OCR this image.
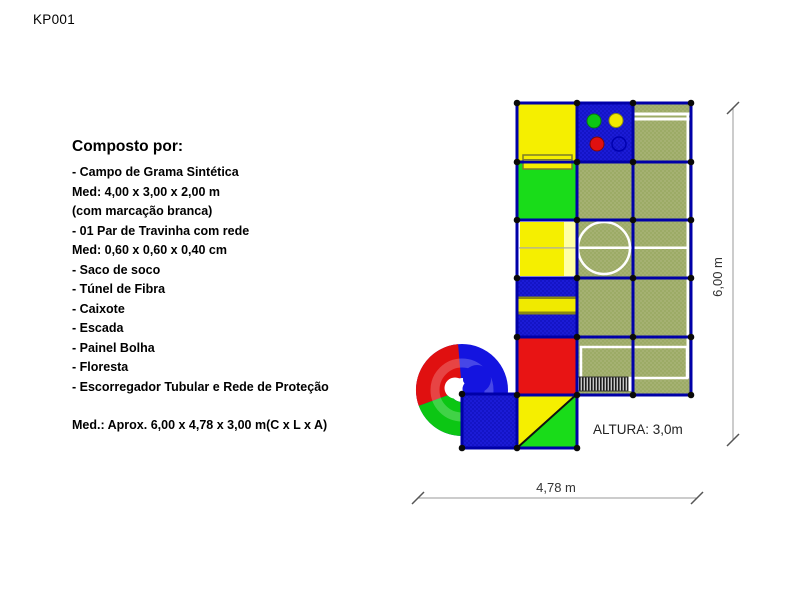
KP001
Composto por:
- Campo de Grama Sintética
Med: 4,00 x 3,00 x 2,00 m
(com marcação branca)
- 01 Par de Travinha com rede
Med: 0,60 x 0,60 x 0,40 cm
- Saco de soco
- Túnel de Fibra
- Caixote
- Escada
- Painel Bolha
- Floresta
- Escorregador Tubular e Rede de Proteção
Med.: Aprox. 6,00 x 4,78 x 3,00 m(C x L x A)
6,00 m
4,78 m
ALTURA: 3,0m
